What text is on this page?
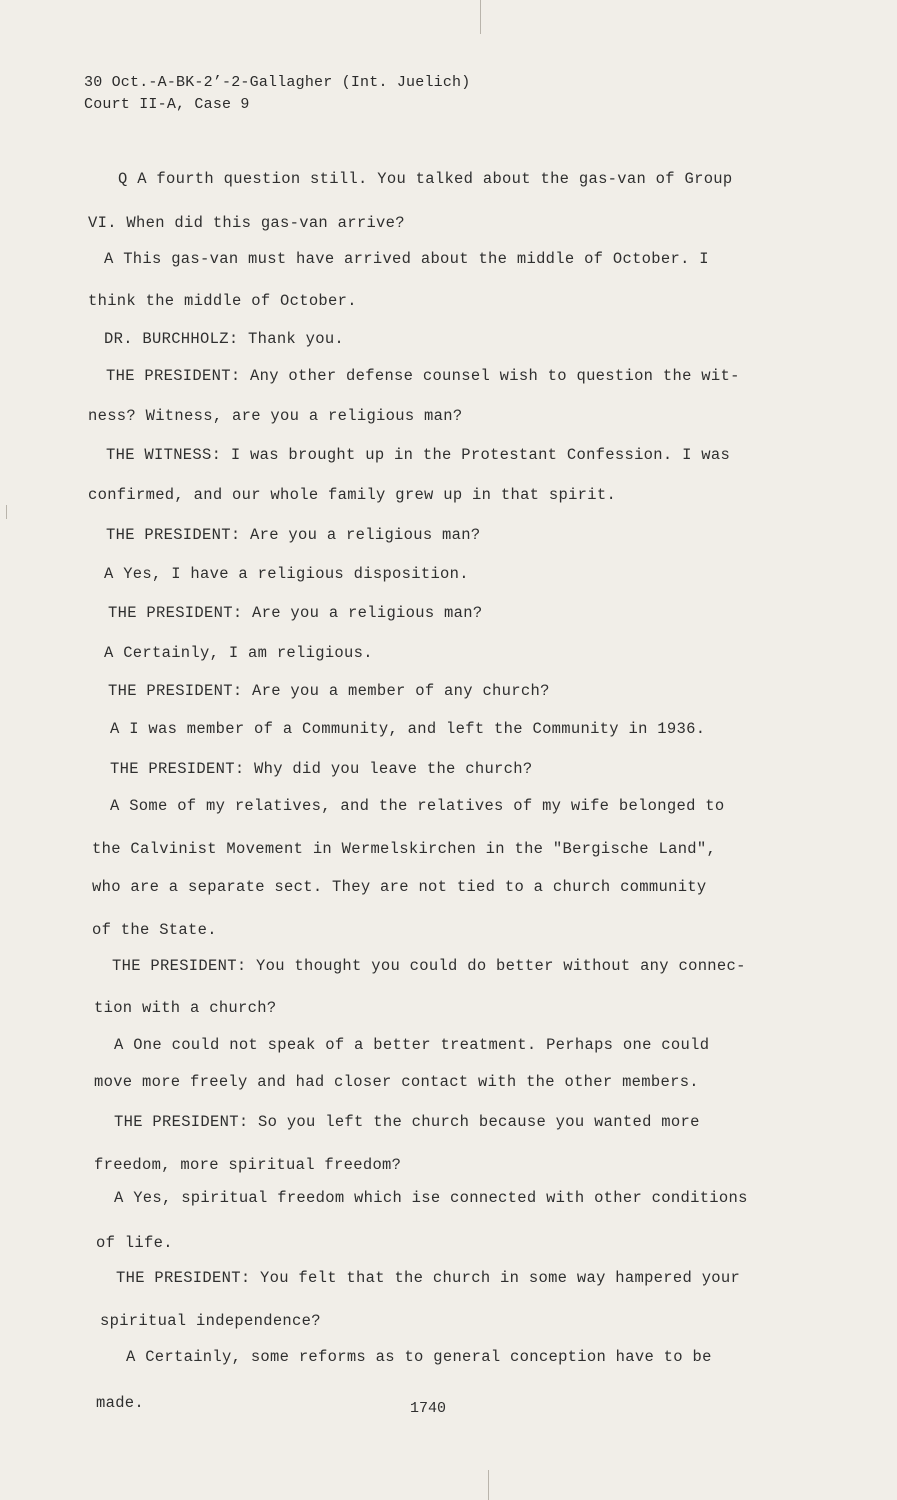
30 Oct.-A-BK-2’-2-Gallagher (Int. Juelich)
Court II-A, Case 9
Q A fourth question still. You talked about the gas-van of Group
VI. When did this gas-van arrive?
A This gas-van must have arrived about the middle of October. I
think the middle of October.
DR. BURCHHOLZ: Thank you.
THE PRESIDENT: Any other defense counsel wish to question the wit-
ness? Witness, are you a religious man?
THE WITNESS: I was brought up in the Protestant Confession. I was
confirmed, and our whole family grew up in that spirit.
THE PRESIDENT: Are you a religious man?
A Yes, I have a religious disposition.
THE PRESIDENT: Are you a religious man?
A Certainly, I am religious.
THE PRESIDENT: Are you a member of any church?
A I was member of a Community, and left the Community in 1936.
THE PRESIDENT: Why did you leave the church?
A Some of my relatives, and the relatives of my wife belonged to
the Calvinist Movement in Wermelskirchen in the "Bergische Land",
who are a separate sect. They are not tied to a church community
of the State.
THE PRESIDENT: You thought you could do better without any connec-
tion with a church?
A One could not speak of a better treatment. Perhaps one could
move more freely and had closer contact with the other members.
THE PRESIDENT: So you left the church because you wanted more
freedom, more spiritual freedom?
A Yes, spiritual freedom which ise connected with other conditions
of life.
THE PRESIDENT: You felt that the church in some way hampered your
spiritual independence?
A Certainly, some reforms as to general conception have to be
made.	1740
